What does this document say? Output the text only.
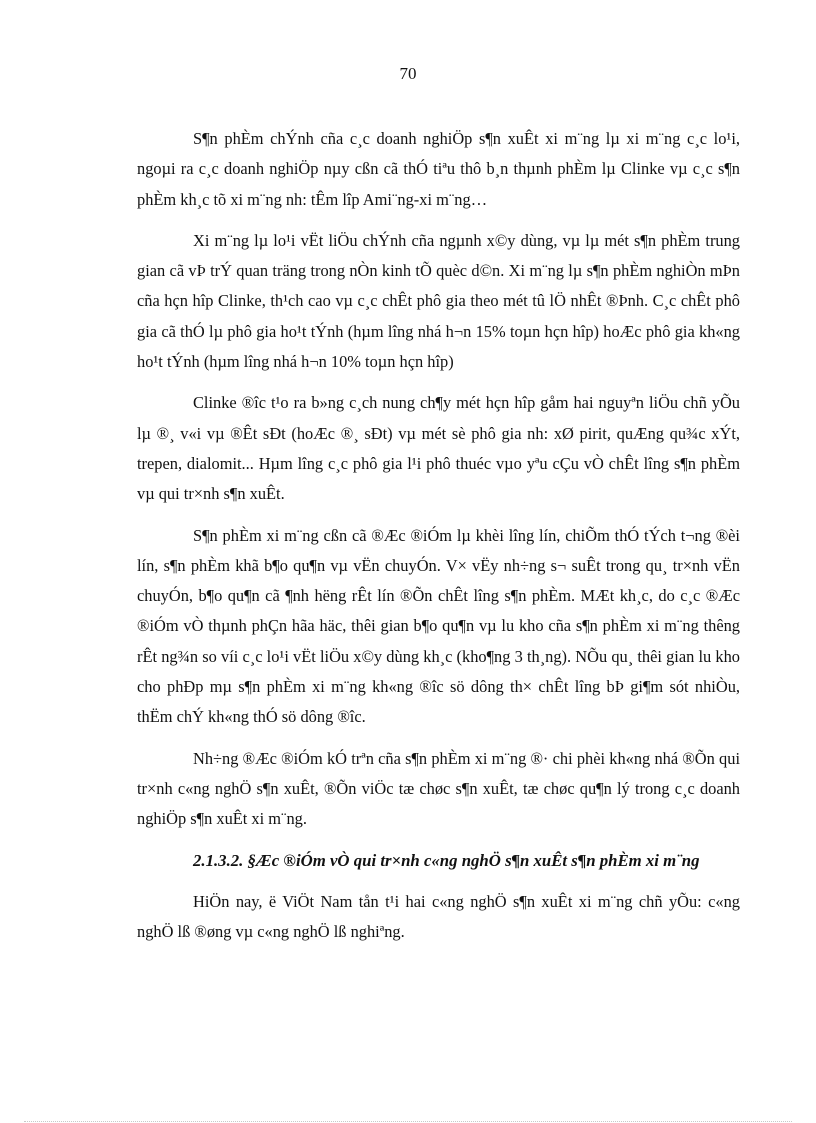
70

S¶n phÈm chÝnh cña c¸c doanh nghiÖp s¶n xuÊt xi m¨ng lµ xi m¨ng c¸c lo¹i, ngoµi ra c¸c doanh nghiÖp nµy cßn cã thÓ tiªu thô b¸n thµnh phÈm lµ Clinke vµ c¸c s¶n phÈm kh¸c tõ xi m¨ng nh: tÊm lîp Ami¨ng-xi m¨ng…

Xi m¨ng lµ lo¹i vËt liÖu chÝnh cña ngµnh x©y dùng, vµ lµ mét s¶n phÈm trung gian cã vÞ trÝ quan träng trong nÒn kinh tÕ quèc d©n. Xi m¨ng lµ s¶n phÈm nghiÒn mÞn cña hçn hîp Clinke, th¹ch cao vµ c¸c chÊt phô gia theo mét tû lÖ nhÊt ®Þnh. C¸c chÊt phô gia cã thÓ lµ phô gia ho¹t tÝnh (hµm lîng nhá h¬n 15% toµn hçn hîp) hoÆc phô gia kh«ng ho¹t tÝnh (hµm lîng nhá h¬n 10% toµn hçn hîp)

Clinke ®îc t¹o ra b»ng c¸ch nung ch¶y mét hçn hîp gåm hai nguyªn liÖu chñ yÕu lµ ®¸ v«i vµ ®Êt sÐt (hoÆc ®¸ sÐt) vµ mét sè phô gia nh: xØ pirit, quÆng qu¾c xÝt, trepen, dialomit... Hµm lîng c¸c phô gia l¹i phô thuéc vµo yªu cÇu vÒ chÊt lîng s¶n phÈm vµ qui tr×nh s¶n xuÊt.

S¶n phÈm xi m¨ng cßn cã ®Æc ®iÓm lµ khèi lîng lín, chiÕm thÓ tÝch t¬ng ®èi lín, s¶n phÈm khã b¶o qu¶n vµ vËn chuyÓn. V× vËy nh÷ng s¬ suÊt trong qu¸ tr×nh vËn chuyÓn, b¶o qu¶n cã ¶nh hëng rÊt lín ®Õn chÊt lîng s¶n phÈm. MÆt kh¸c, do c¸c ®Æc ®iÓm vÒ thµnh phÇn hãa häc, thêi gian b¶o qu¶n vµ lu kho cña s¶n phÈm xi m¨ng thêng rÊt ng¾n so víi c¸c lo¹i vËt liÖu x©y dùng kh¸c (kho¶ng 3 th¸ng). NÕu qu¸ thêi gian lu kho cho phÐp mµ s¶n phÈm xi m¨ng kh«ng ®îc sö dông th× chÊt lîng bÞ gi¶m sót nhiÒu, thËm chÝ kh«ng thÓ sö dông ®îc.

Nh÷ng ®Æc ®iÓm kÓ trªn cña s¶n phÈm xi m¨ng ®· chi phèi kh«ng nhá ®Õn qui tr×nh c«ng nghÖ s¶n xuÊt, ®Õn viÖc tæ chøc s¶n xuÊt, tæ chøc qu¶n lý trong c¸c doanh nghiÖp s¶n xuÊt xi m¨ng.

2.1.3.2. §Æc ®iÓm vÒ qui tr×nh c«ng nghÖ s¶n xuÊt s¶n phÈm xi m¨ng

HiÖn nay, ë ViÖt Nam tån t¹i hai c«ng nghÖ s¶n xuÊt xi m¨ng chñ yÕu: c«ng nghÖ lß ®øng vµ c«ng nghÖ lß nghiªng.
